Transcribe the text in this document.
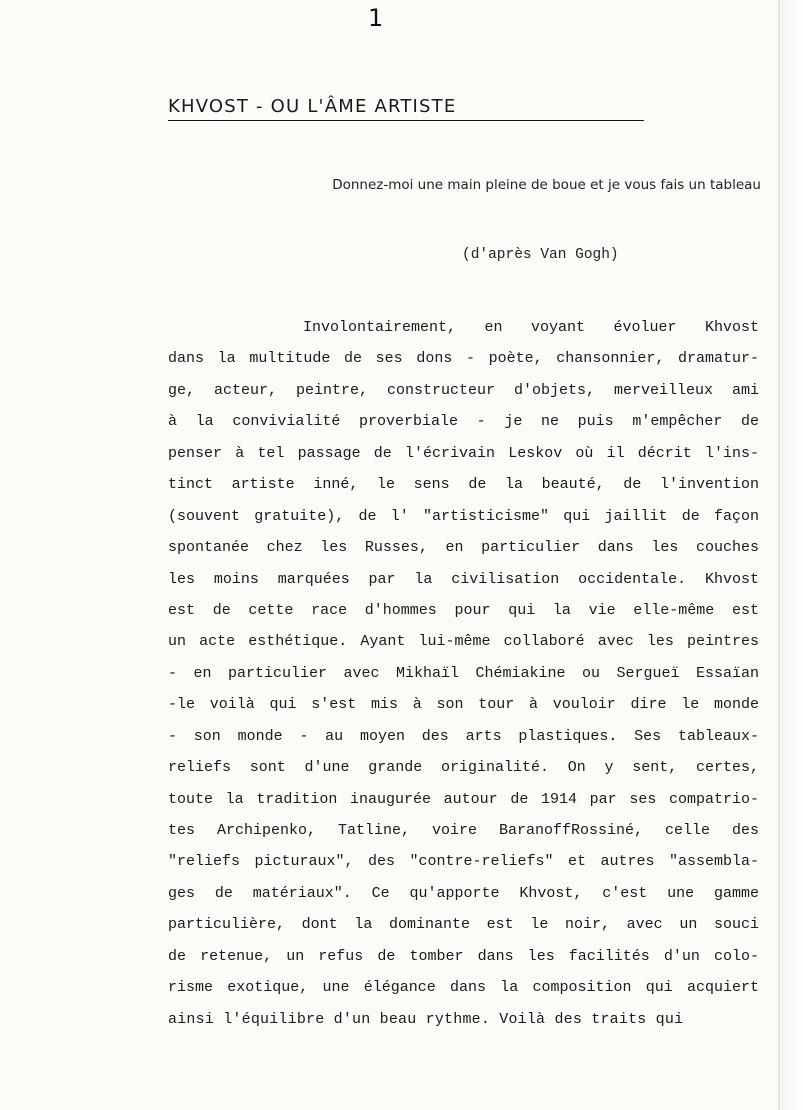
1

KHVOST - OU L'ÂME ARTISTE

Donnez-moi une main pleine de boue et je vous fais un tableau

(d'après Van Gogh)

Involontairement, en voyant évoluer Khvost
dans la multitude de ses dons - poète, chansonnier, dramatur-
ge, acteur, peintre, constructeur d'objets, merveilleux ami
à la convivialité proverbiale - je ne puis m'empêcher de
penser à tel passage de l'écrivain Leskov où il décrit l'ins-
tinct artiste inné, le sens de la beauté, de l'invention
(souvent gratuite), de l' "artisticisme" qui jaillit de façon
spontanée chez les Russes, en particulier dans les couches
les moins marquées par la civilisation occidentale. Khvost
est de cette race d'hommes pour qui la vie elle-même est
un acte esthétique. Ayant lui-même collaboré avec les peintres
- en particulier avec Mikhaïl Chémiakine ou Sergueï Essaïan
-le voilà qui s'est mis à son tour à vouloir dire le monde
- son monde - au moyen des arts plastiques. Ses tableaux-
reliefs sont d'une grande originalité. On y sent, certes,
toute la tradition inaugurée autour de 1914 par ses compatrio-
tes Archipenko, Tatline, voire BaranoffRossiné, celle des
"reliefs picturaux", des "contre-reliefs" et autres "assembla-
ges de matériaux". Ce qu'apporte Khvost, c'est une gamme
particulière, dont la dominante est le noir, avec un souci
de retenue, un refus de tomber dans les facilités d'un colo-
risme exotique, une élégance dans la composition qui acquiert
ainsi l'équilibre d'un beau rythme. Voilà des traits qui
